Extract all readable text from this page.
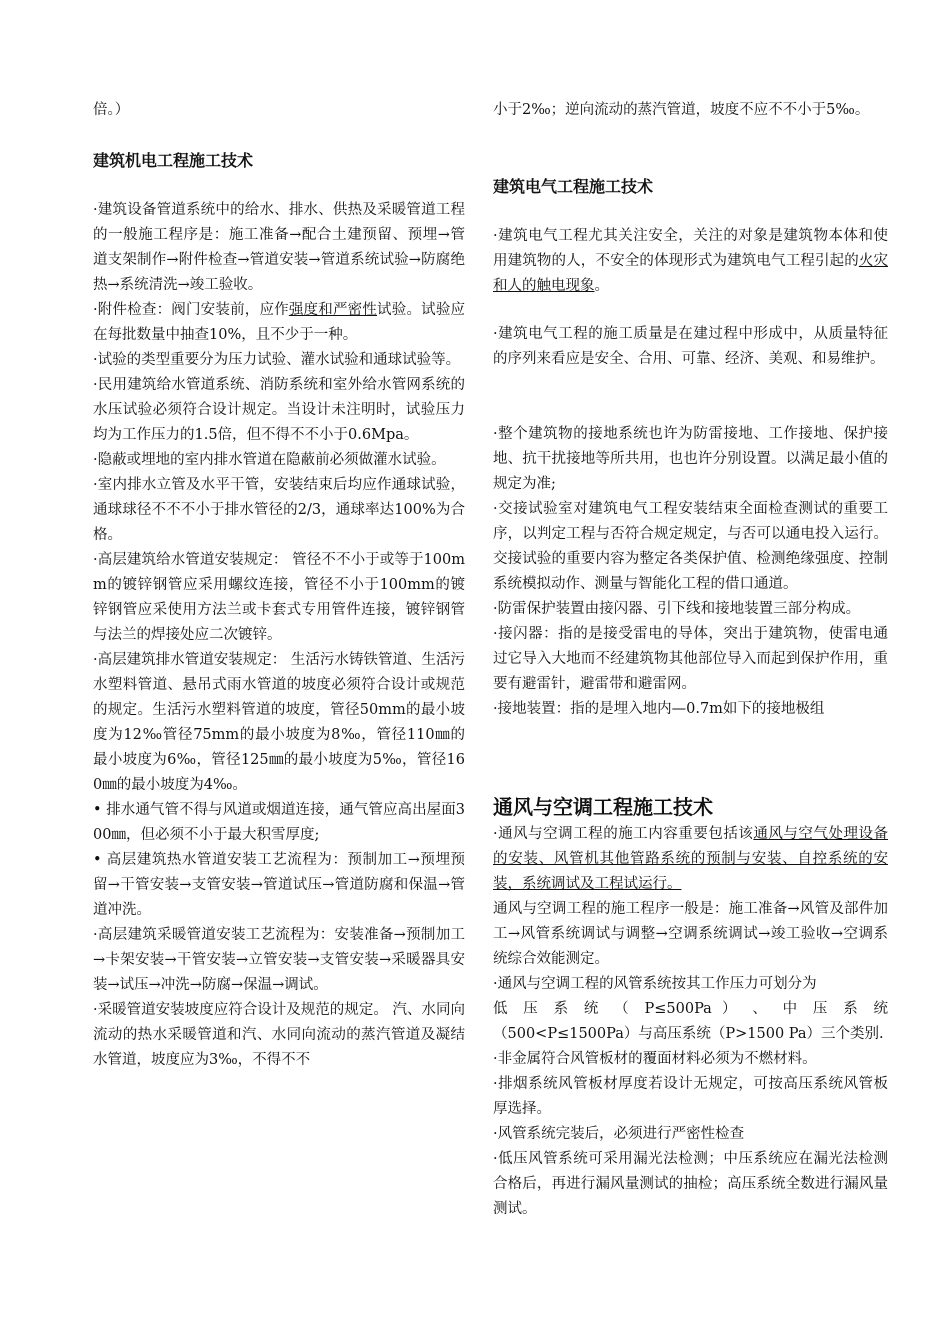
倍。）

建筑机电工程施工技术

·建筑设备管道系统中的给水、排水、供热及采暖管道工程的一般施工程序是：施工准备→配合土建预留、预埋→管道支架制作→附件检查→管道安装→管道系统试验→防腐绝热→系统清洗→竣工验收。

·附件检查：阀门安装前，应作强度和严密性试验。试验应在每批数量中抽查10%，且不少于一种。

·试验的类型重要分为压力试验、灌水试验和通球试验等。

·民用建筑给水管道系统、消防系统和室外给水管网系统的水压试验必须符合设计规定。当设计未注明时，试验压力均为工作压力的1.5倍，但不得不不小于0.6Mpa。

·隐蔽或埋地的室内排水管道在隐蔽前必须做灌水试验。

·室内排水立管及水平干管，安装结束后均应作通球试验，通球球径不不不小于排水管径的2/3，通球率达100%为合格。

·高层建筑给水管道安装规定： 管径不不小于或等于100mm的镀锌钢管应采用螺纹连接，管径不小于100mm的镀锌钢管应采使用方法兰或卡套式专用管件连接，镀锌钢管与法兰的焊接处应二次镀锌。

·高层建筑排水管道安装规定： 生活污水铸铁管道、生活污水塑料管道、悬吊式雨水管道的坡度必须符合设计或规范的规定。生活污水塑料管道的坡度，管径50mm的最小坡度为12‰管径75mm的最小坡度为8‰，管径110㎜的最小坡度为6‰，管径125㎜的最小坡度为5‰，管径160㎜的最小坡度为4‰。

• 排水通气管不得与风道或烟道连接，通气管应高出屋面300㎜，但必须不小于最大积雪厚度;

• 高层建筑热水管道安装工艺流程为：预制加工→预埋预留→干管安装→支管安装→管道试压→管道防腐和保温→管道冲洗。

·高层建筑采暖管道安装工艺流程为：安装准备→预制加工→卡架安装→干管安装→立管安装→支管安装→采暖器具安装→试压→冲洗→防腐→保温→调试。

·采暖管道安装坡度应符合设计及规范的规定。 汽、水同向流动的热水采暖管道和汽、水同向流动的蒸汽管道及凝结水管道，坡度应为3‰，不得不不

小于2‰；逆向流动的蒸汽管道，坡度不应不不小于5‰。

建筑电气工程施工技术

·建筑电气工程尤其关注安全，关注的对象是建筑物本体和使用建筑物的人，不安全的体现形式为建筑电气工程引起的火灾和人的触电现象。

·建筑电气工程的施工质量是在建过程中形成中，从质量特征的序列来看应是安全、合用、可靠、经济、美观、和易维护。

·整个建筑物的接地系统也许为防雷接地、工作接地、保护接地、抗干扰接地等所共用，也也许分别设置。以满足最小值的规定为准;

·交接试验室对建筑电气工程安装结束全面检查测试的重要工序，以判定工程与否符合规定规定，与否可以通电投入运行。交接试验的重要内容为整定各类保护值、检测绝缘强度、控制系统模拟动作、测量与智能化工程的借口通道。

·防雷保护装置由接闪器、引下线和接地装置三部分构成。

·接闪器：指的是接受雷电的导体，突出于建筑物，使雷电通过它导入大地而不经建筑物其他部位导入而起到保护作用，重要有避雷针，避雷带和避雷网。

·接地装置：指的是埋入地内—0.7m如下的接地极组

通风与空调工程施工技术

·通风与空调工程的施工内容重要包括该通风与空气处理设备的安装、风管机其他管路系统的预制与安装、自控系统的安装，系统调试及工程试运行。

通风与空调工程的施工程序一般是：施工准备→风管及部件加工→风管系统调试与调整→空调系统调试→竣工验收→空调系统综合效能测定。

·通风与空调工程的风管系统按其工作压力可划分为

低 压 系 统 （ P≤500Pa ） 、 中 压 系 统

（500<P≤1500Pa）与高压系统（P>1500 Pa）三个类别.

·非金属符合风管板材的覆面材料必须为不燃材料。

·排烟系统风管板材厚度若设计无规定，可按高压系统风管板厚选择。

·风管系统完装后，必须进行严密性检查

·低压风管系统可采用漏光法检测；中压系统应在漏光法检测合格后，再进行漏风量测试的抽检；高压系统全数进行漏风量测试。
